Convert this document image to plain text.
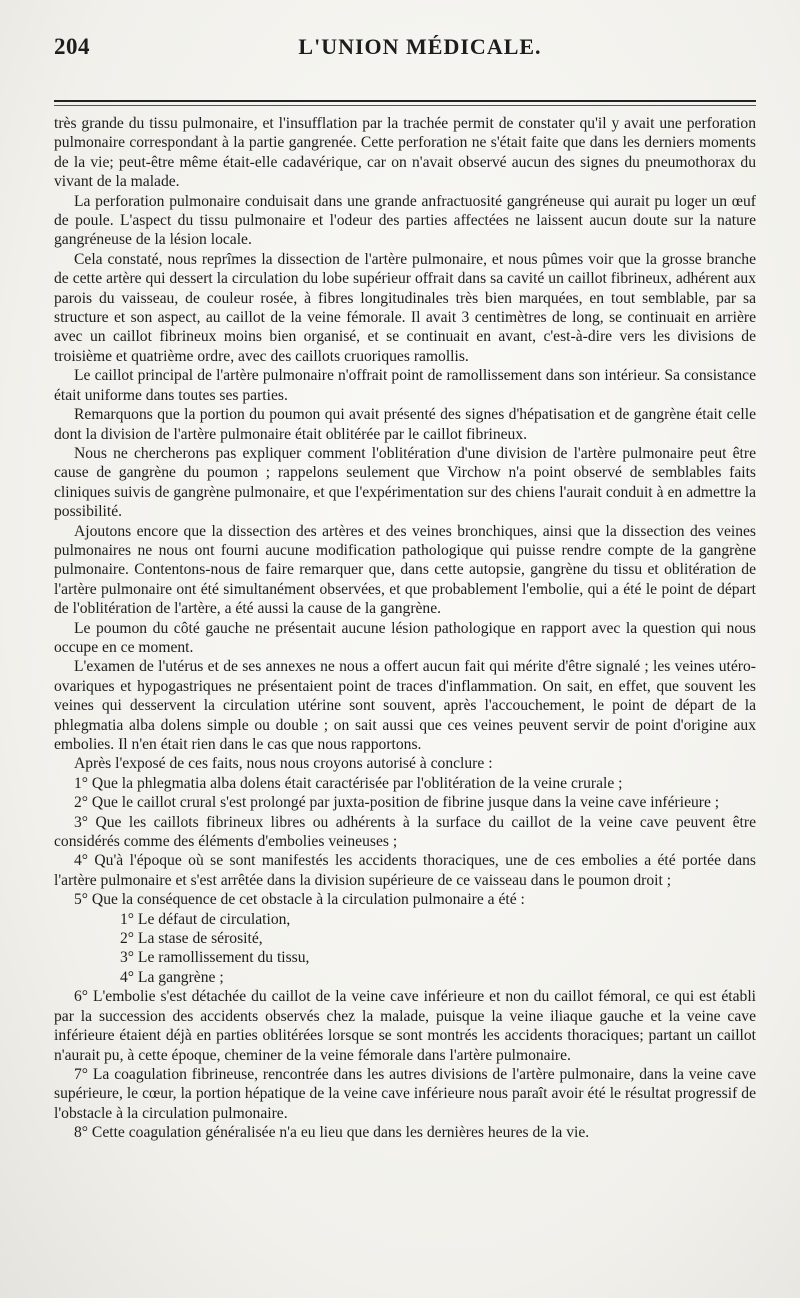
204	L'UNION MÉDICALE.

très grande du tissu pulmonaire, et l'insufflation par la trachée permit de constater qu'il y avait une perforation pulmonaire correspondant à la partie gangrenée. Cette perforation ne s'était faite que dans les derniers moments de la vie; peut-être même était-elle cadavérique, car on n'avait observé aucun des signes du pneumothorax du vivant de la malade.

La perforation pulmonaire conduisait dans une grande anfractuosité gangréneuse qui aurait pu loger un œuf de poule. L'aspect du tissu pulmonaire et l'odeur des parties affectées ne laissent aucun doute sur la nature gangréneuse de la lésion locale.

Cela constaté, nous reprîmes la dissection de l'artère pulmonaire, et nous pûmes voir que la grosse branche de cette artère qui dessert la circulation du lobe supérieur offrait dans sa cavité un caillot fibrineux, adhérent aux parois du vaisseau, de couleur rosée, à fibres longitudinales très bien marquées, en tout semblable, par sa structure et son aspect, au caillot de la veine fémorale. Il avait 3 centimètres de long, se continuait en arrière avec un caillot fibrineux moins bien organisé, et se continuait en avant, c'est-à-dire vers les divisions de troisième et quatrième ordre, avec des caillots cruoriques ramollis.

Le caillot principal de l'artère pulmonaire n'offrait point de ramollissement dans son intérieur. Sa consistance était uniforme dans toutes ses parties.

Remarquons que la portion du poumon qui avait présenté des signes d'hépatisation et de gangrène était celle dont la division de l'artère pulmonaire était oblitérée par le caillot fibrineux.

Nous ne chercherons pas expliquer comment l'oblitération d'une division de l'artère pulmonaire peut être cause de gangrène du poumon ; rappelons seulement que Virchow n'a point observé de semblables faits cliniques suivis de gangrène pulmonaire, et que l'expérimentation sur des chiens l'aurait conduit à en admettre la possibilité.

Ajoutons encore que la dissection des artères et des veines bronchiques, ainsi que la dissection des veines pulmonaires ne nous ont fourni aucune modification pathologique qui puisse rendre compte de la gangrène pulmonaire. Contentons-nous de faire remarquer que, dans cette autopsie, gangrène du tissu et oblitération de l'artère pulmonaire ont été simultanément observées, et que probablement l'embolie, qui a été le point de départ de l'oblitération de l'artère, a été aussi la cause de la gangrène.

Le poumon du côté gauche ne présentait aucune lésion pathologique en rapport avec la question qui nous occupe en ce moment.

L'examen de l'utérus et de ses annexes ne nous a offert aucun fait qui mérite d'être signalé ; les veines utéro-ovariques et hypogastriques ne présentaient point de traces d'inflammation. On sait, en effet, que souvent les veines qui desservent la circulation utérine sont souvent, après l'accouchement, le point de départ de la phlegmatia alba dolens simple ou double ; on sait aussi que ces veines peuvent servir de point d'origine aux embolies. Il n'en était rien dans le cas que nous rapportons.

Après l'exposé de ces faits, nous nous croyons autorisé à conclure :

1° Que la phlegmatia alba dolens était caractérisée par l'oblitération de la veine crurale ;

2° Que le caillot crural s'est prolongé par juxta-position de fibrine jusque dans la veine cave inférieure ;

3° Que les caillots fibrineux libres ou adhérents à la surface du caillot de la veine cave peuvent être considérés comme des éléments d'embolies veineuses ;

4° Qu'à l'époque où se sont manifestés les accidents thoraciques, une de ces embolies a été portée dans l'artère pulmonaire et s'est arrêtée dans la division supérieure de ce vaisseau dans le poumon droit ;

5° Que la conséquence de cet obstacle à la circulation pulmonaire a été :

1° Le défaut de circulation,

2° La stase de sérosité,

3° Le ramollissement du tissu,

4° La gangrène ;

6° L'embolie s'est détachée du caillot de la veine cave inférieure et non du caillot fémoral, ce qui est établi par la succession des accidents observés chez la malade, puisque la veine iliaque gauche et la veine cave inférieure étaient déjà en parties oblitérées lorsque se sont montrés les accidents thoraciques; partant un caillot n'aurait pu, à cette époque, cheminer de la veine fémorale dans l'artère pulmonaire.

7° La coagulation fibrineuse, rencontrée dans les autres divisions de l'artère pulmonaire, dans la veine cave supérieure, le cœur, la portion hépatique de la veine cave inférieure nous paraît avoir été le résultat progressif de l'obstacle à la circulation pulmonaire.

8° Cette coagulation généralisée n'a eu lieu que dans les dernières heures de la vie.
